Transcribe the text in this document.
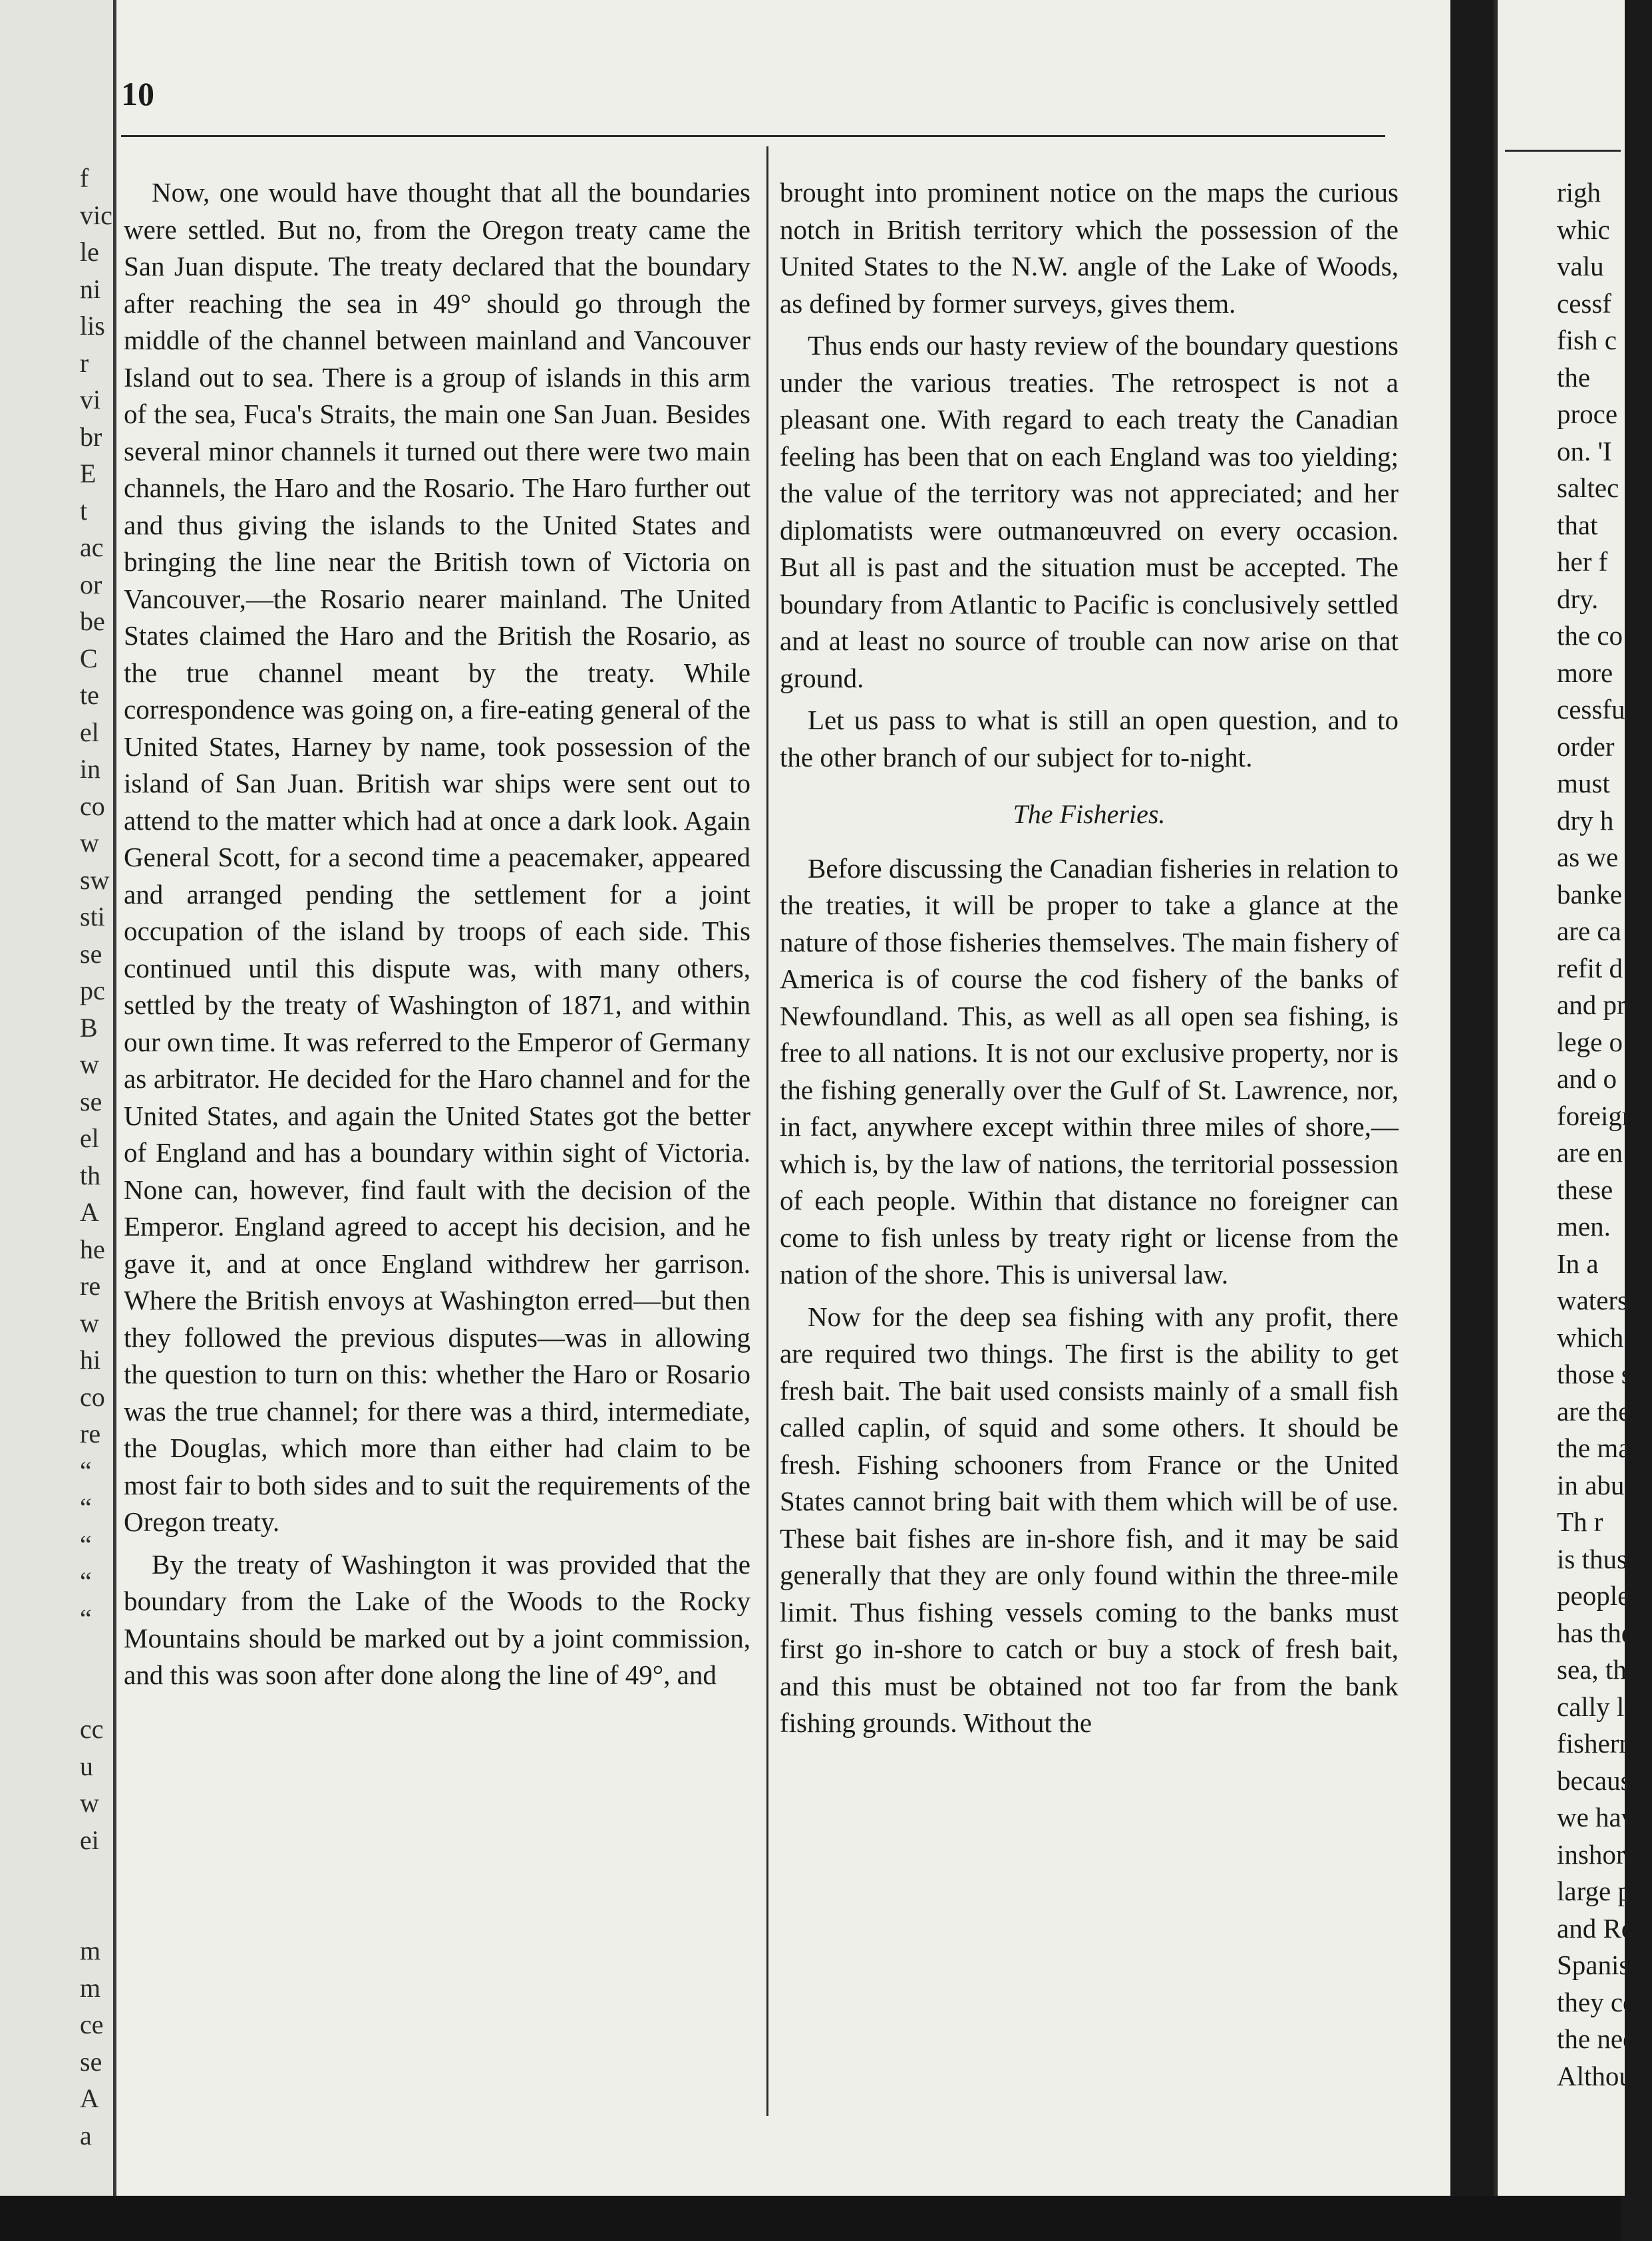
f
vic
le
ni
lis
r
vi
br
E
t
ac
or
be
C
te
el
in
co
w
sw
sti
se
pc
B
w
se
el
th
A
he
re
w
hi
co
re
“
“
“
“
“
cc
u
w
ei
m
m
ce
se
A
a
10

Now, one would have thought that all the boundaries were settled. But no, from the Oregon treaty came the San Juan dispute. The treaty declared that the boundary after reaching the sea in 49° should go through the middle of the channel between mainland and Vancouver Island out to sea. There is a group of islands in this arm of the sea, Fuca's Straits, the main one San Juan. Besides several minor channels it turned out there were two main channels, the Haro and the Rosario. The Haro further out and thus giving the islands to the United States and bringing the line near the British town of Victoria on Vancouver,—the Rosario nearer mainland. The United States claimed the Haro and the British the Rosario, as the true channel meant by the treaty. While correspondence was going on, a fire-eating general of the United States, Harney by name, took possession of the island of San Juan. British war ships were sent out to attend to the matter which had at once a dark look. Again General Scott, for a second time a peacemaker, appeared and arranged pending the settlement for a joint occupation of the island by troops of each side. This continued until this dispute was, with many others, settled by the treaty of Washington of 1871, and within our own time. It was referred to the Emperor of Germany as arbitrator. He decided for the Haro channel and for the United States, and again the United States got the better of England and has a boundary within sight of Victoria. None can, however, find fault with the decision of the Emperor. England agreed to accept his decision, and he gave it, and at once England withdrew her garrison. Where the British envoys at Washington erred—but then they followed the previous disputes—was in allowing the question to turn on this: whether the Haro or Rosario was the true channel; for there was a third, intermediate, the Douglas, which more than either had claim to be most fair to both sides and to suit the requirements of the Oregon treaty.

By the treaty of Washington it was provided that the boundary from the Lake of the Woods to the Rocky Mountains should be marked out by a joint commission, and this was soon after done along the line of 49°, and

brought into prominent notice on the maps the curious notch in British territory which the possession of the United States to the N.W. angle of the Lake of Woods, as defined by former surveys, gives them.

Thus ends our hasty review of the boundary questions under the various treaties. The retrospect is not a pleasant one. With regard to each treaty the Canadian feeling has been that on each England was too yielding; the value of the territory was not appreciated; and her diplomatists were outmanœuvred on every occasion. But all is past and the situation must be accepted. The boundary from Atlantic to Pacific is conclusively settled and at least no source of trouble can now arise on that ground.

Let us pass to what is still an open question, and to the other branch of our subject for to-night.

The Fisheries.

Before discussing the Canadian fisheries in relation to the treaties, it will be proper to take a glance at the nature of those fisheries themselves. The main fishery of America is of course the cod fishery of the banks of Newfoundland. This, as well as all open sea fishing, is free to all nations. It is not our exclusive property, nor is the fishing generally over the Gulf of St. Lawrence, nor, in fact, anywhere except within three miles of shore,—which is, by the law of nations, the territorial possession of each people. Within that distance no foreigner can come to fish unless by treaty right or license from the nation of the shore. This is universal law.

Now for the deep sea fishing with any profit, there are required two things. The first is the ability to get fresh bait. The bait used consists mainly of a small fish called caplin, of squid and some others. It should be fresh. Fishing schooners from France or the United States cannot bring bait with them which will be of use. These bait fishes are in-shore fish, and it may be said generally that they are only found within the three-mile limit. Thus fishing vessels coming to the banks must first go in-shore to catch or buy a stock of fresh bait, and this must be obtained not too far from the bank fishing grounds. Without the

righ
whic
valu
cessf
fish c
the
proce
on. 'I
saltec
that
her f
dry.
the co
more
cessfu
order
must
dry h
as we
banke
are ca
refit d
and pr
lege o
and o
foreigr
are en
these
men.
In a
waters
which
those s
are the
the ma
in abur
Th r
is thus i
people c
has the
sea, the
cally lin
fisherme
because
we have
inshore
large pa
and Ro
Spanish
they cou
the need
Althou
